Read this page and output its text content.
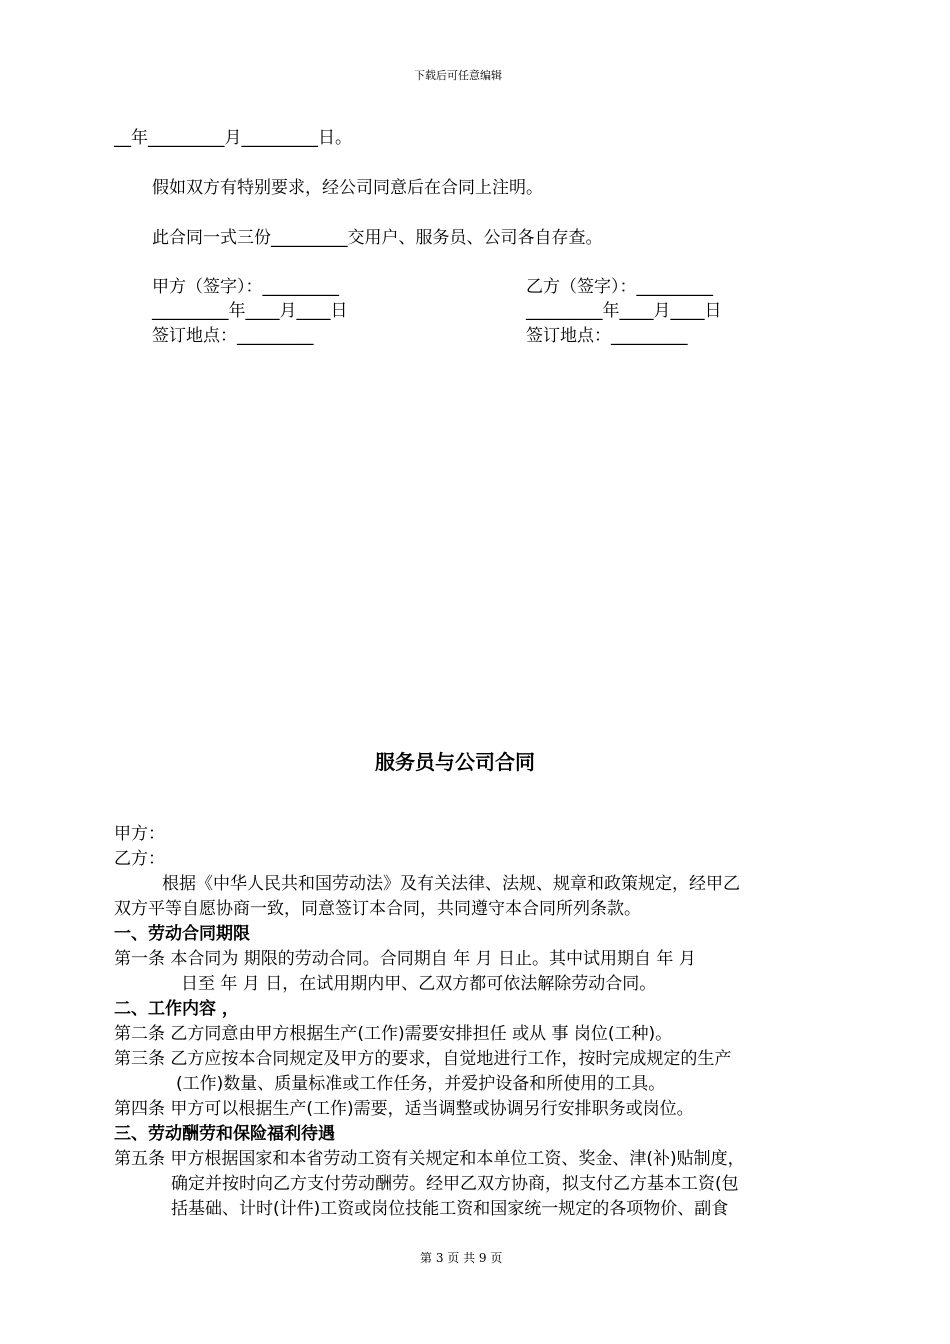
下载后可任意编辑
__年_________月_________日。
假如双方有特别要求，经公司同意后在合同上注明。
此合同一式三份_________交用户、服务员、公司各自存查。
甲方（签字）：_________
_________年____月____日
签订地点：_________
乙方（签字）：_________
_________年____月____日
签订地点：_________
服务员与公司合同
甲方：
乙方：
根据《中华人民共和国劳动法》及有关法律、法规、规章和政策规定，经甲乙
双方平等自愿协商一致，同意签订本合同，共同遵守本合同所列条款。
一、劳动合同期限
第一条 本合同为 期限的劳动合同。合同期自 年 月 日止。其中试用期自 年 月
日至 年 月 日，在试用期内甲、乙双方都可依法解除劳动合同。
二、工作内容 ，
第二条 乙方同意由甲方根据生产(工作)需要安排担任 或从 事 岗位(工种)。
第三条 乙方应按本合同规定及甲方的要求，自觉地进行工作，按时完成规定的生产
(工作)数量、质量标准或工作任务，并爱护设备和所使用的工具。
第四条 甲方可以根据生产(工作)需要，适当调整或协调另行安排职务或岗位。
三、劳动酬劳和保险福利待遇
第五条 甲方根据国家和本省劳动工资有关规定和本单位工资、奖金、津(补)贴制度，
确定并按时向乙方支付劳动酬劳。经甲乙双方协商，拟支付乙方基本工资(包
括基础、计时(计件)工资或岗位技能工资和国家统一规定的各项物价、副食
第 3 页 共 9 页
